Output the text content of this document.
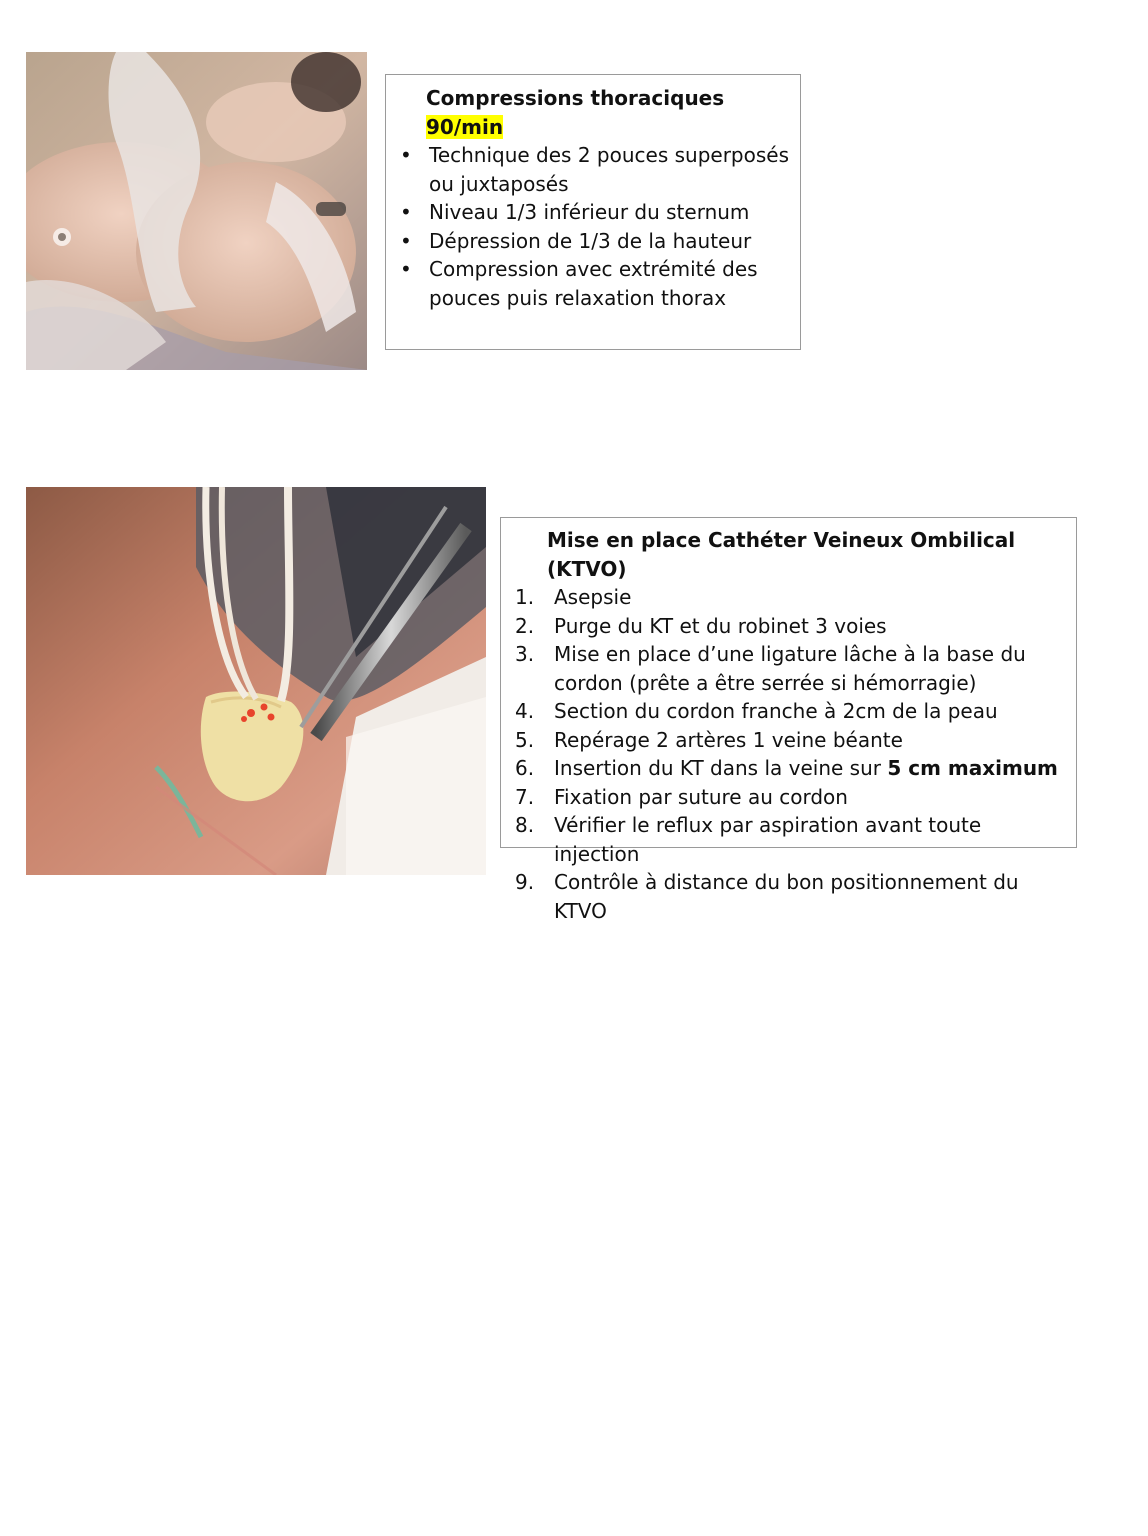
Compressions thoraciques 90/min

• Technique des 2 pouces superposés ou juxtaposés
• Niveau 1/3 inférieur du sternum
• Dépression de 1/3 de la hauteur
• Compression avec extrémité des pouces puis relaxation thorax

Mise en place Cathéter Veineux Ombilical (KTVO)

1. Asepsie
2. Purge du KT et du robinet 3 voies
3. Mise en place d’une ligature lâche à la base du cordon (prête a être serrée si hémorragie)
4. Section du cordon franche à 2cm de la peau
5. Repérage 2 artères 1 veine béante
6. Insertion du KT dans la veine sur 5 cm maximum
7. Fixation par suture au cordon
8. Vérifier le reflux par aspiration avant toute injection
9. Contrôle à distance du bon positionnement du KTVO
